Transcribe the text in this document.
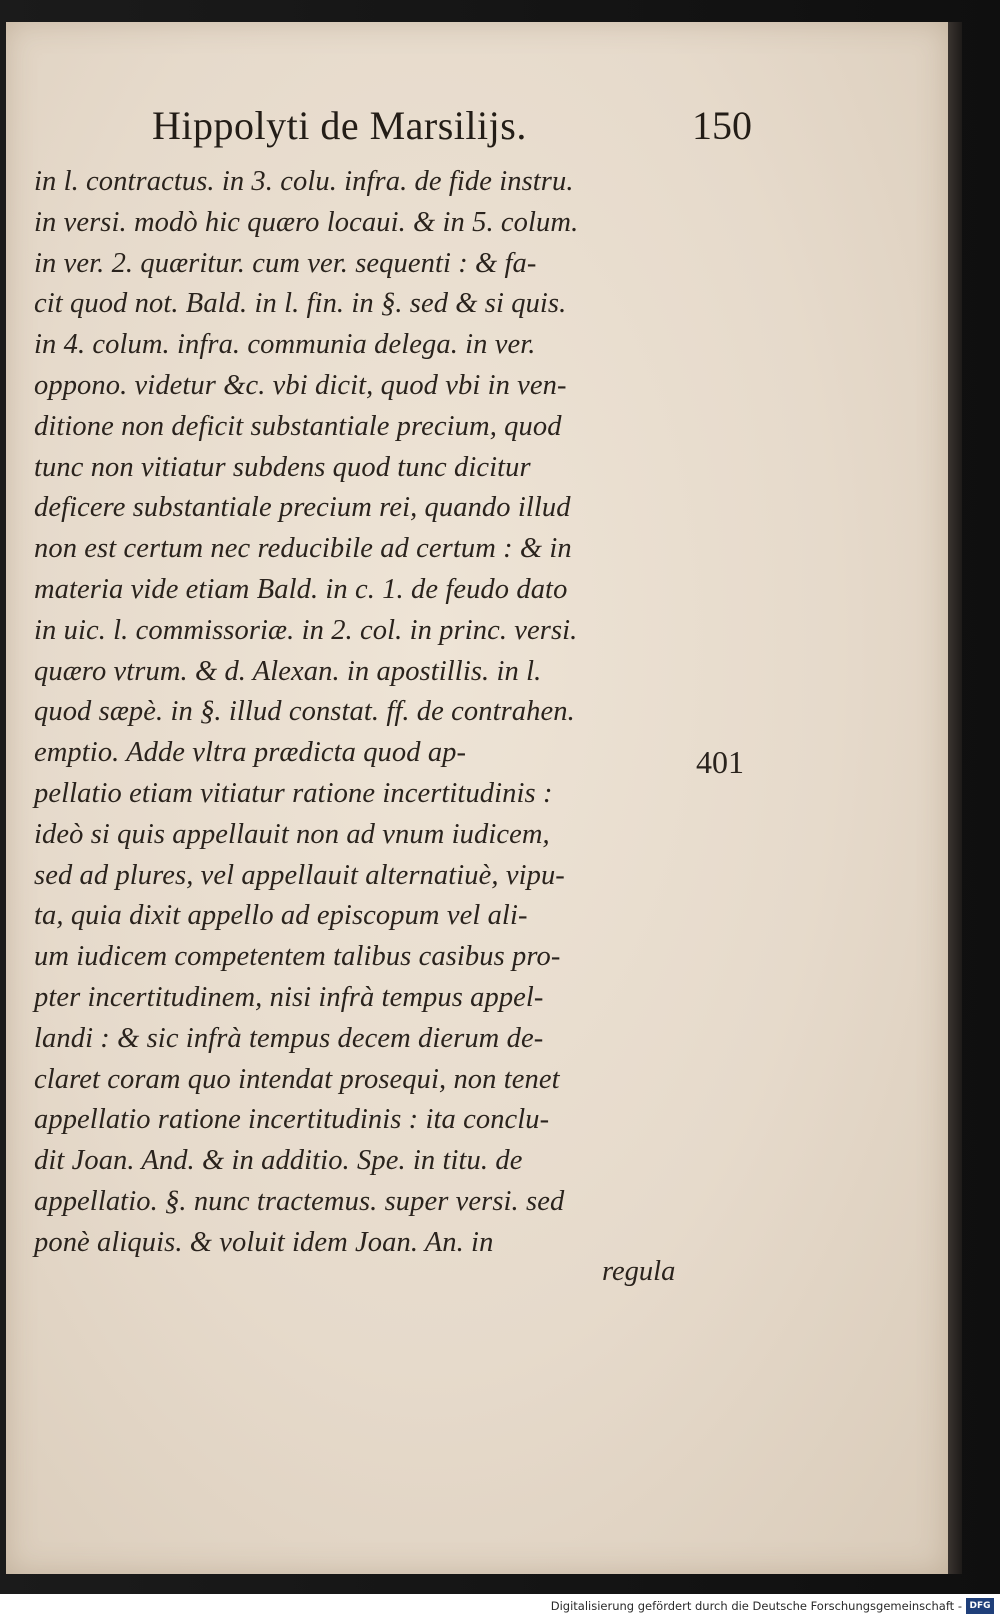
Hippolyti de Marsilijs.	150
in l. contractus. in 3. colu. infra. de fide instru.
in versi. modò hic quæro locaui. & in 5. colum.
in ver. 2. quæritur. cum ver. sequenti : & fa-
cit quod not. Bald. in l. fin. in §. sed & si quis.
in 4. colum. infra. communia delega. in ver.
oppono. videtur &c. vbi dicit, quod vbi in ven-
ditione non deficit substantiale precium, quod
tunc non vitiatur subdens quod tunc dicitur
deficere substantiale precium rei, quando illud
non est certum nec reducibile ad certum : & in
materia vide etiam Bald. in c. 1. de feudo dato
in uic. l. commissoriæ. in 2. col. in princ. versi.
quæro vtrum. & d. Alexan. in apostillis. in l.
quod sæpè. in §. illud constat. ff. de contrahen.
emptio. Adde vltra prædicta quod ap-
pellatio etiam vitiatur ratione incertitudinis :
ideò si quis appellauit non ad vnum iudicem,
sed ad plures, vel appellauit alternatiuè, vipu-
ta, quia dixit appello ad episcopum vel ali-
um iudicem competentem talibus casibus pro-
pter incertitudinem, nisi infrà tempus appel-
landi : & sic infrà tempus decem dierum de-
claret coram quo intendat prosequi, non tenet
appellatio ratione incertitudinis : ita conclu-
dit Joan. And. & in additio. Spe. in titu. de
appellatio. §. nunc tractemus. super versi. sed
ponè aliquis. & voluit idem Joan. An. in
regula
401
Digitalisierung gefördert durch die Deutsche Forschungsgemeinschaft - DFG
